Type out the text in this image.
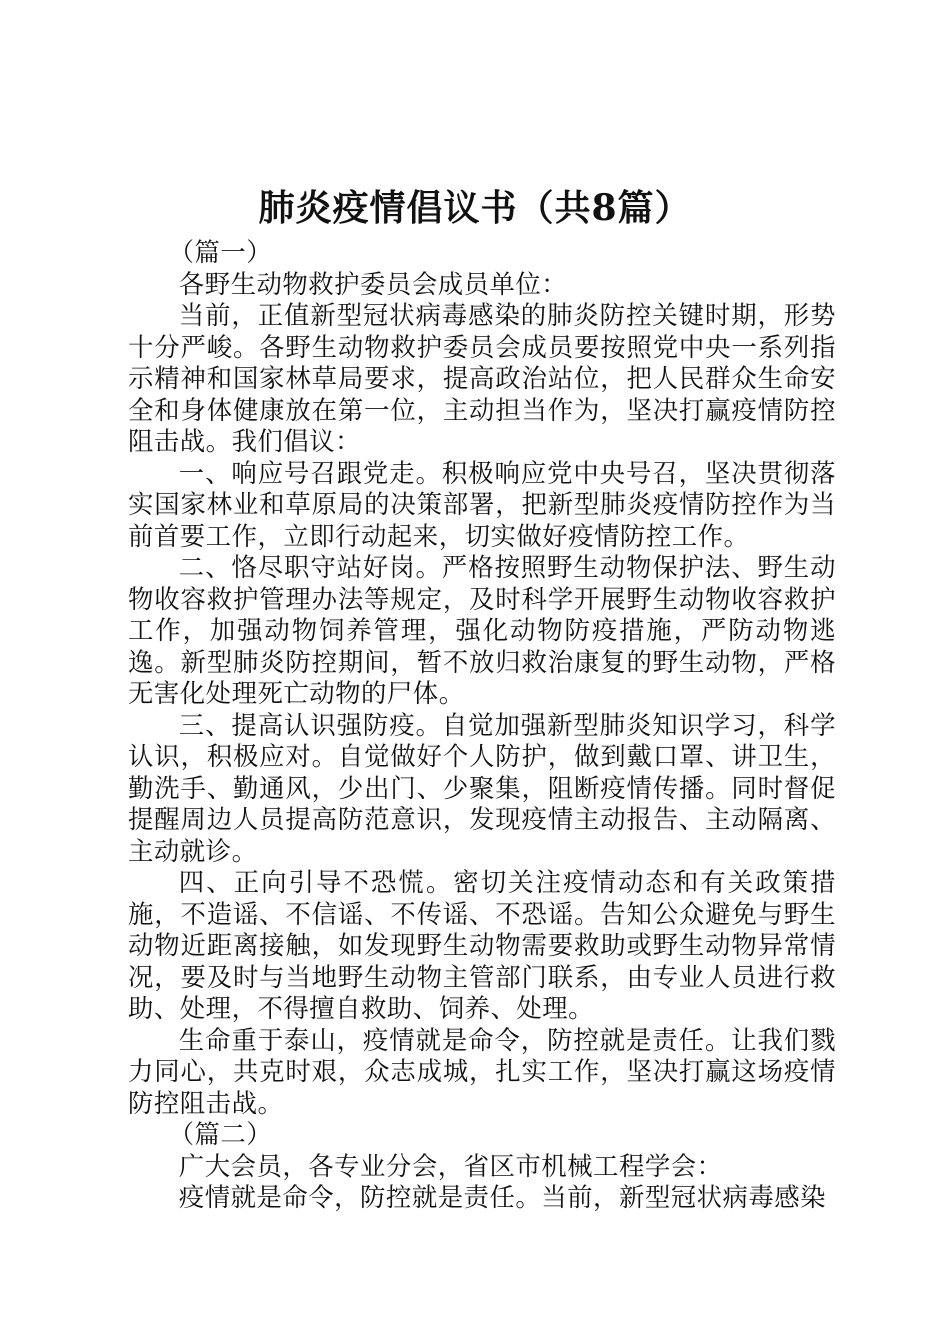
肺炎疫情倡议书（共8篇）

（篇一）

各野生动物救护委员会成员单位：

当前，正值新型冠状病毒感染的肺炎防控关键时期，形势十分严峻。各野生动物救护委员会成员要按照党中央一系列指示精神和国家林草局要求，提高政治站位，把人民群众生命安全和身体健康放在第一位，主动担当作为，坚决打赢疫情防控阻击战。我们倡议：

一、响应号召跟党走。积极响应党中央号召，坚决贯彻落实国家林业和草原局的决策部署，把新型肺炎疫情防控作为当前首要工作，立即行动起来，切实做好疫情防控工作。

二、恪尽职守站好岗。严格按照野生动物保护法、野生动物收容救护管理办法等规定，及时科学开展野生动物收容救护工作，加强动物饲养管理，强化动物防疫措施，严防动物逃逸。新型肺炎防控期间，暂不放归救治康复的野生动物，严格无害化处理死亡动物的尸体。

三、提高认识强防疫。自觉加强新型肺炎知识学习，科学认识，积极应对。自觉做好个人防护，做到戴口罩、讲卫生，勤洗手、勤通风，少出门、少聚集，阻断疫情传播。同时督促提醒周边人员提高防范意识，发现疫情主动报告、主动隔离、主动就诊。

四、正向引导不恐慌。密切关注疫情动态和有关政策措施，不造谣、不信谣、不传谣、不恐谣。告知公众避免与野生动物近距离接触，如发现野生动物需要救助或野生动物异常情况，要及时与当地野生动物主管部门联系，由专业人员进行救助、处理，不得擅自救助、饲养、处理。

生命重于泰山，疫情就是命令，防控就是责任。让我们戮力同心，共克时艰，众志成城，扎实工作，坚决打赢这场疫情防控阻击战。

（篇二）

广大会员，各专业分会，省区市机械工程学会：

疫情就是命令，防控就是责任。当前，新型冠状病毒感染
